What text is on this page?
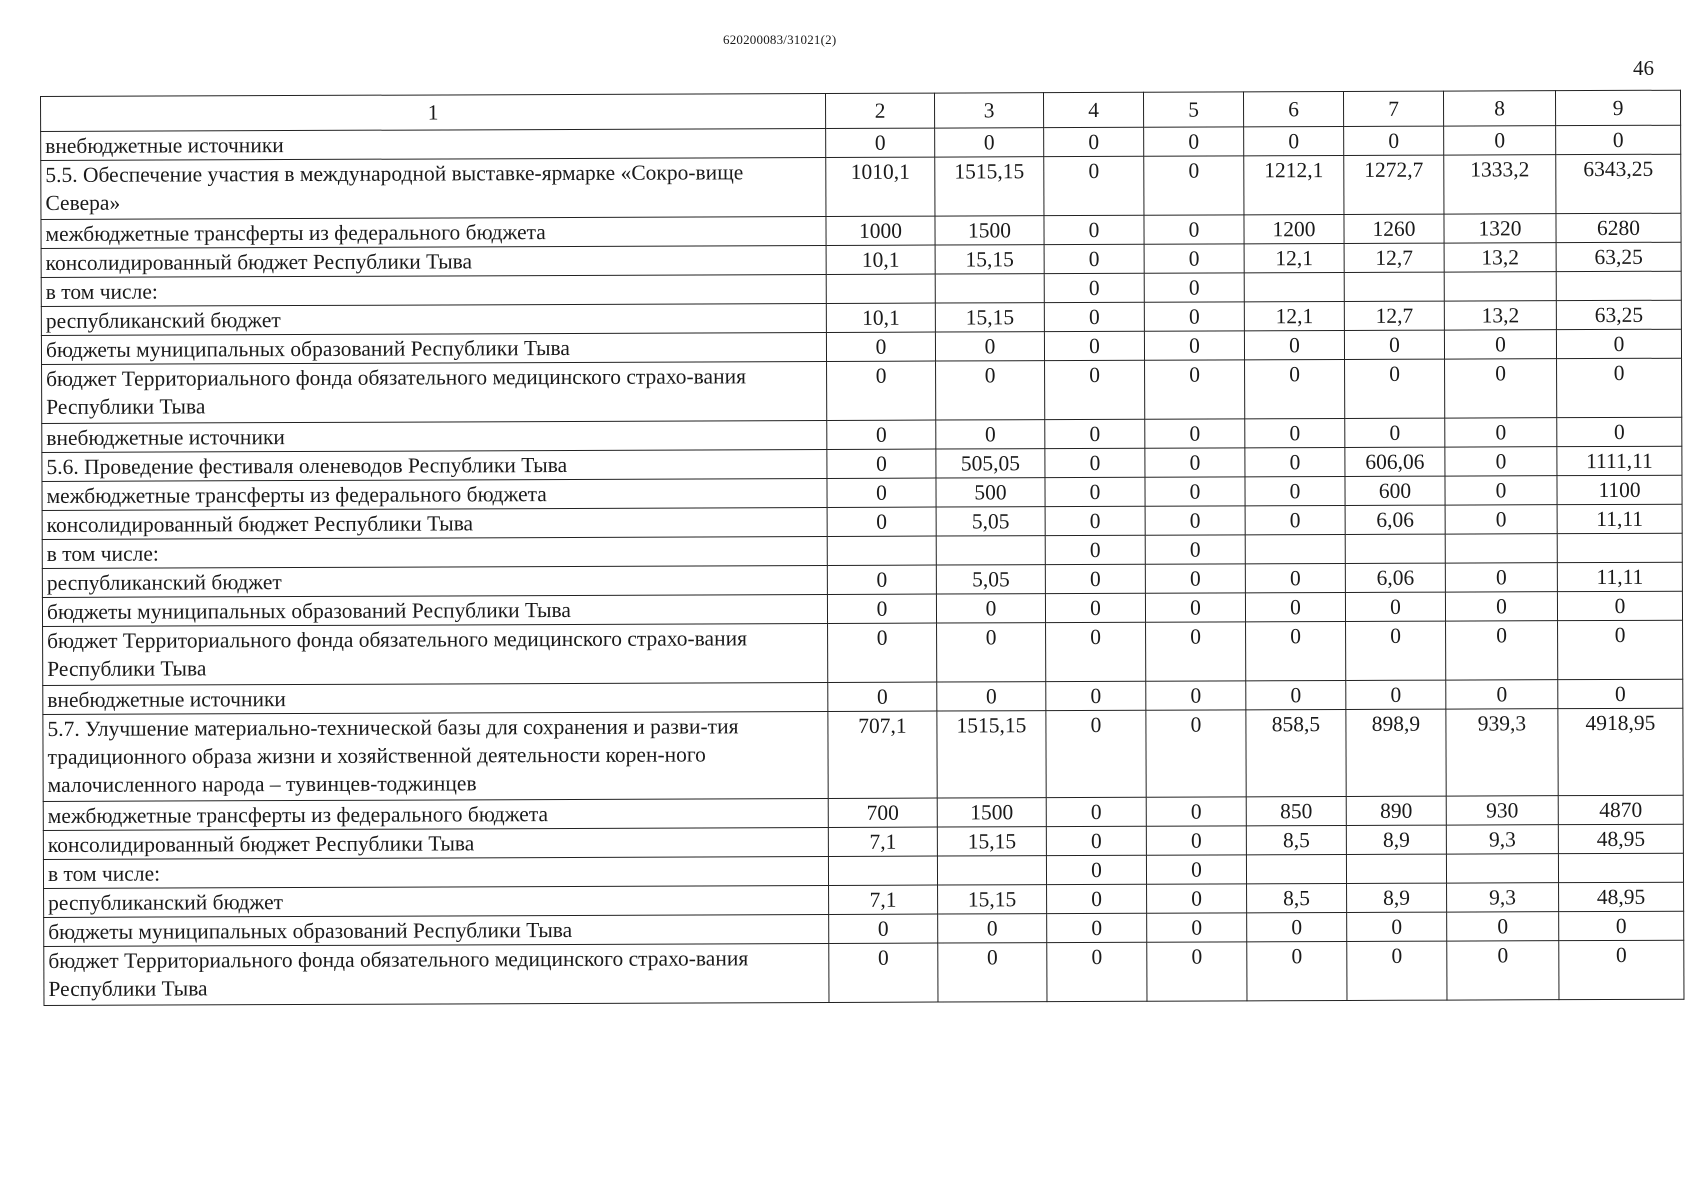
620200083/31021(2)
46
1	2	3	4	5	6	7	8	9
внебюджетные источники	0	0	0	0	0	0	0	0
5.5. Обеспечение участия в международной выставке-ярмарке «Сокро-вище Севера»	1010,1	1515,15	0	0	1212,1	1272,7	1333,2	6343,25
межбюджетные трансферты из федерального бюджета	1000	1500	0	0	1200	1260	1320	6280
консолидированный бюджет Республики Тыва	10,1	15,15	0	0	12,1	12,7	13,2	63,25
в том числе:			0	0				
республиканский бюджет	10,1	15,15	0	0	12,1	12,7	13,2	63,25
бюджеты муниципальных образований Республики Тыва	0	0	0	0	0	0	0	0
бюджет Территориального фонда обязательного медицинского страхо-вания Республики Тыва	0	0	0	0	0	0	0	0
внебюджетные источники	0	0	0	0	0	0	0	0
5.6. Проведение фестиваля оленеводов Республики Тыва	0	505,05	0	0	0	606,06	0	1111,11
межбюджетные трансферты из федерального бюджета	0	500	0	0	0	600	0	1100
консолидированный бюджет Республики Тыва	0	5,05	0	0	0	6,06	0	11,11
в том числе:			0	0				
республиканский бюджет	0	5,05	0	0	0	6,06	0	11,11
бюджеты муниципальных образований Республики Тыва	0	0	0	0	0	0	0	0
бюджет Территориального фонда обязательного медицинского страхо-вания Республики Тыва	0	0	0	0	0	0	0	0
внебюджетные источники	0	0	0	0	0	0	0	0
5.7. Улучшение материально-технической базы для сохранения и разви-тия традиционного образа жизни и хозяйственной деятельности корен-ного малочисленного народа – тувинцев-тоджинцев	707,1	1515,15	0	0	858,5	898,9	939,3	4918,95
межбюджетные трансферты из федерального бюджета	700	1500	0	0	850	890	930	4870
консолидированный бюджет Республики Тыва	7,1	15,15	0	0	8,5	8,9	9,3	48,95
в том числе:			0	0				
республиканский бюджет	7,1	15,15	0	0	8,5	8,9	9,3	48,95
бюджеты муниципальных образований Республики Тыва	0	0	0	0	0	0	0	0
бюджет Территориального фонда обязательного медицинского страхо-вания Республики Тыва	0	0	0	0	0	0	0	0
